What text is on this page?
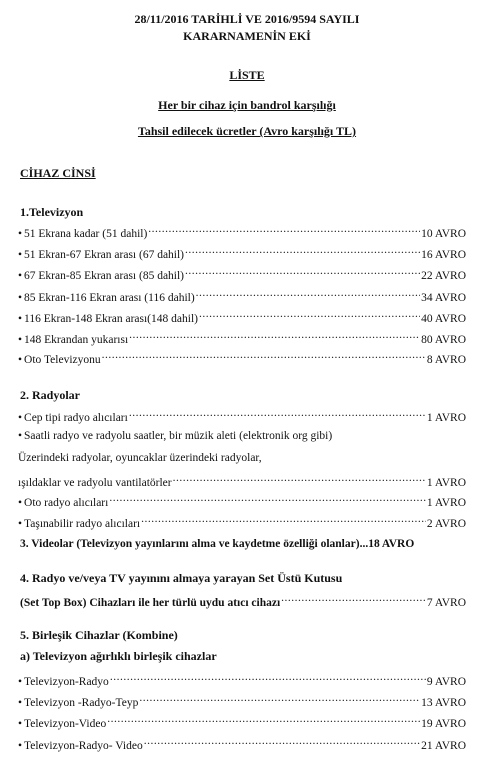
28/11/2016 TARİHLİ VE 2016/9594 SAYILI
KARARNAMENİN EKİ
LİSTE
Her bir cihaz için bandrol karşılığı
Tahsil edilecek ücretler (Avro karşılığı TL)
CİHAZ CİNSİ
1.Televizyon
• 51 Ekrana kadar (51 dahil) .....	10 AVRO
• 51 Ekran-67 Ekran arası (67 dahil) .....	16 AVRO
• 67 Ekran-85 Ekran arası (85 dahil) .....	22 AVRO
• 85 Ekran-116 Ekran arası (116 dahil) .....	34 AVRO
• 116 Ekran-148 Ekran arası(148 dahil) .....	40 AVRO
• 148 Ekrandan yukarısı .....	80 AVRO
• Oto Televizyonu .....	8 AVRO
2. Radyolar
• Cep tipi radyo alıcıları .....	1 AVRO
• Saatli radyo ve radyolu saatler, bir müzik aleti (elektronik org gibi)
Üzerindeki radyolar, oyuncaklar üzerindeki radyolar,
ışıldaklar ve radyolu vantilatörler .....	1 AVRO
• Oto radyo alıcıları .....	1 AVRO
• Taşınabilir radyo alıcıları .....	2 AVRO
3. Videolar (Televizyon yayınlarını alma ve kaydetme özelliği olanlar) ...18 AVRO
4. Radyo ve/veya TV yayınını almaya yarayan Set Üstü Kutusu
(Set Top Box) Cihazları ile her türlü uydu atıcı cihazı .....	7 AVRO
5. Birleşik Cihazlar (Kombine)
a) Televizyon ağırlıklı birleşik cihazlar
• Televizyon-Radyo .....	9 AVRO
• Televizyon -Radyo-Teyp .....	13 AVRO
• Televizyon-Video .....	19 AVRO
• Televizyon-Radyo- Video .....	21 AVRO
